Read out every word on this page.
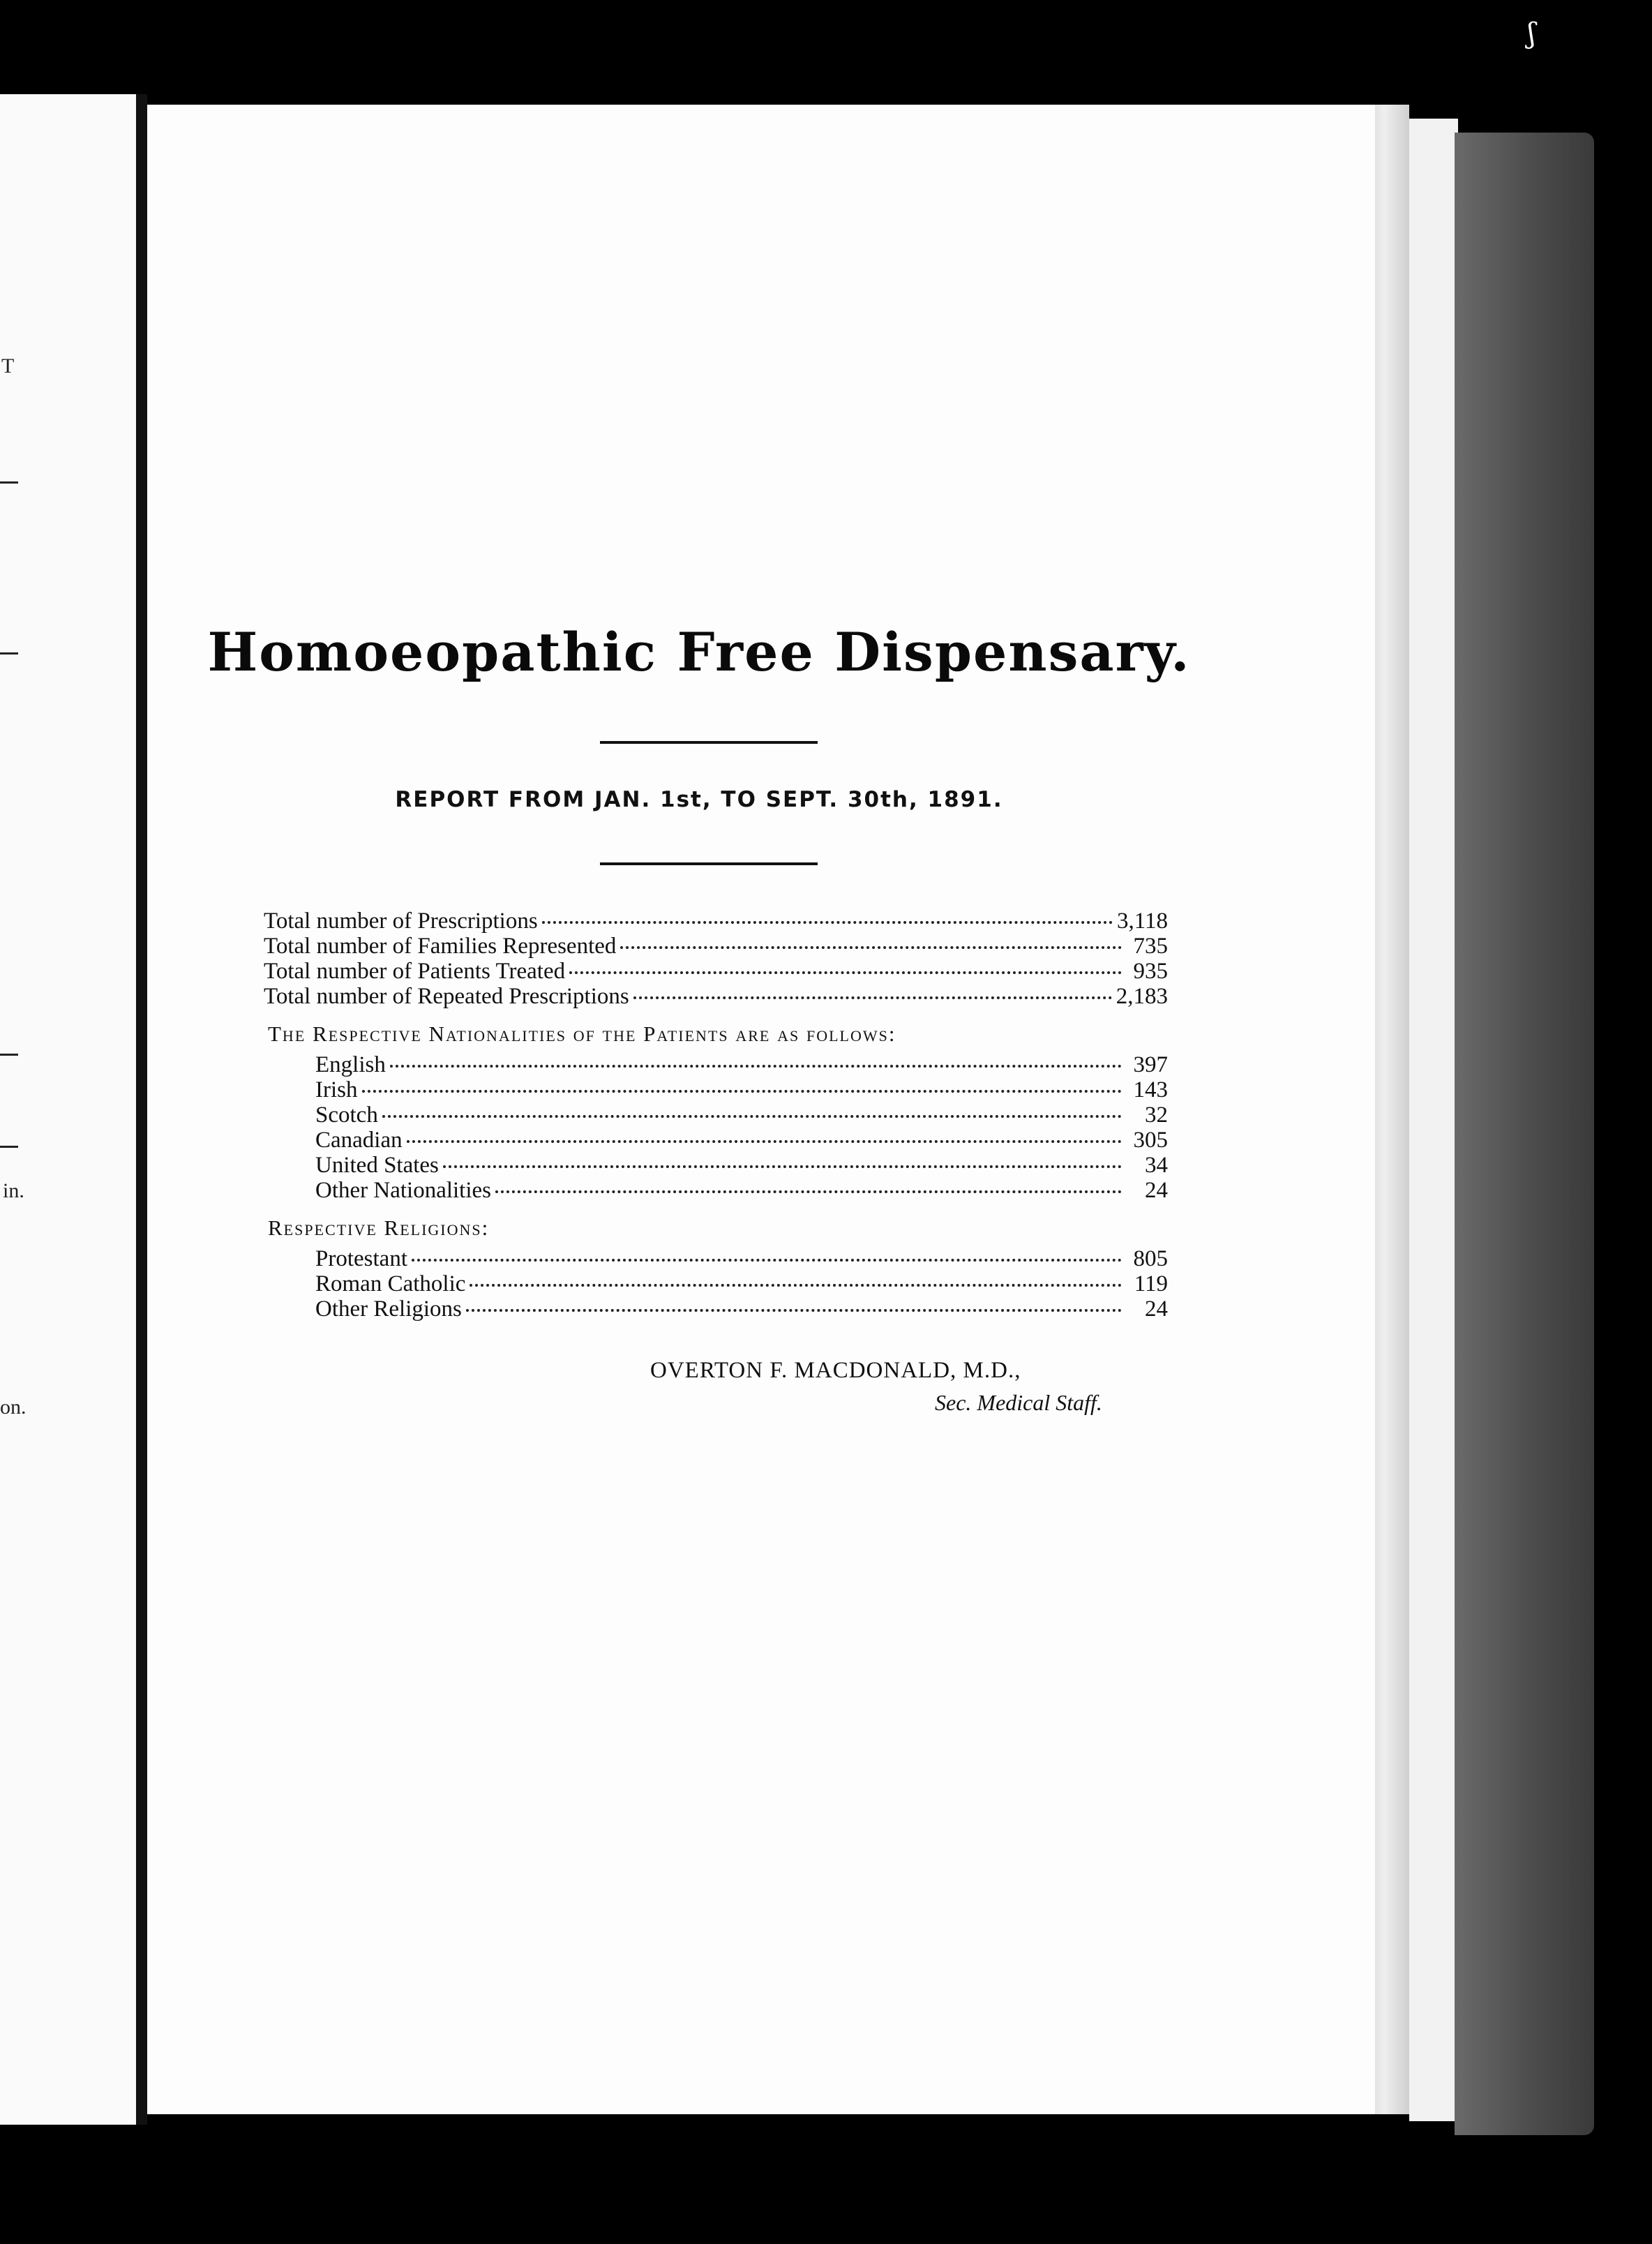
T
in.
on.
ʃ
Homoeopathic Free Dispensary.
REPORT FROM JAN. 1st, TO SEPT. 30th, 1891.
Total number of Prescriptions	3,118
Total number of Families Represented	735
Total number of Patients Treated	935
Total number of Repeated Prescriptions	2,183
The Respective Nationalities of the Patients are as follows:
English	397
Irish	143
Scotch	32
Canadian	305
United States	34
Other Nationalities	24
Respective Religions:
Protestant	805
Roman Catholic	119
Other Religions	24
OVERTON F. MACDONALD, M.D.,
Sec. Medical Staff.
